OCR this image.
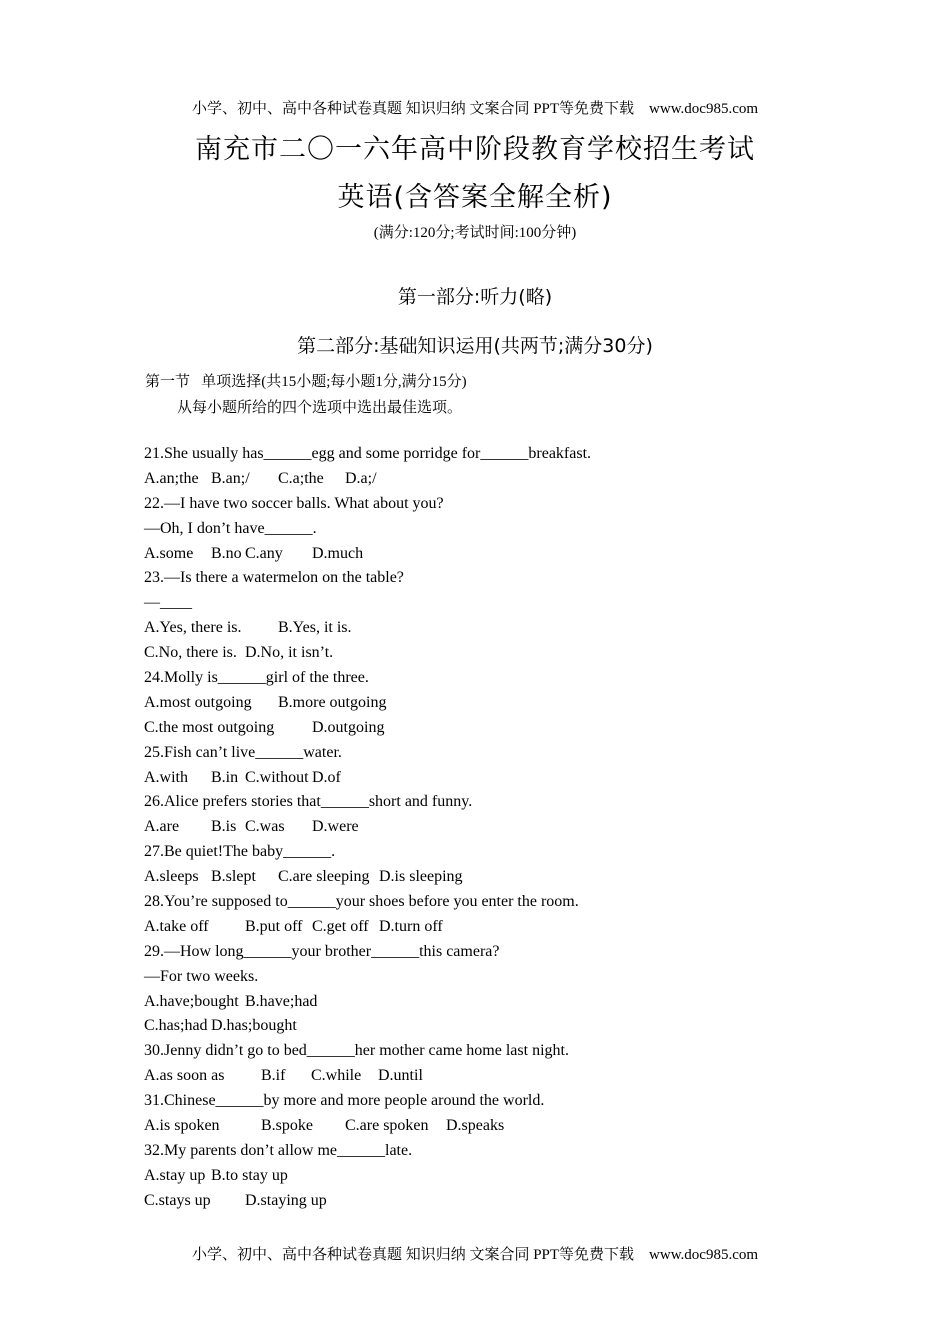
小学、初中、高中各种试卷真题 知识归纳 文案合同 PPT等免费下载    www.doc985.com
南充市二〇一六年高中阶段教育学校招生考试
英语(含答案全解全析)
(满分:120分;考试时间:100分钟)
第一部分:听力(略)
第二部分:基础知识运用(共两节;满分30分)
第一节   单项选择(共15小题;每小题1分,满分15分)
从每小题所给的四个选项中选出最佳选项。
21.She usually has______egg and some porridge for______breakfast.
A.an;the B.an;/ C.a;the D.a;/
22.—I have two soccer balls. What about you?
—Oh, I don’t have______.
A.some B.no C.any D.much
23.—Is there a watermelon on the table?
—____
A.Yes, there is. B.Yes, it is.
C.No, there is. D.No, it isn’t.
24.Molly is______girl of the three.
A.most outgoing B.more outgoing
C.the most outgoing D.outgoing
25.Fish can’t live______water.
A.with B.in C.without D.of
26.Alice prefers stories that______short and funny.
A.are B.is C.was D.were
27.Be quiet!The baby______.
A.sleeps B.slept C.are sleeping D.is sleeping
28.You’re supposed to______your shoes before you enter the room.
A.take off B.put off C.get off D.turn off
29.—How long______your brother______this camera?
—For two weeks.
A.have;bought B.have;had
C.has;had D.has;bought
30.Jenny didn’t go to bed______her mother came home last night.
A.as soon as B.if C.while D.until
31.Chinese______by more and more people around the world.
A.is spoken	B.spoke C.are spoken D.speaks
32.My parents don’t allow me______late.
A.stay up B.to stay up
C.stays up D.staying up
小学、初中、高中各种试卷真题 知识归纳 文案合同 PPT等免费下载    www.doc985.com
